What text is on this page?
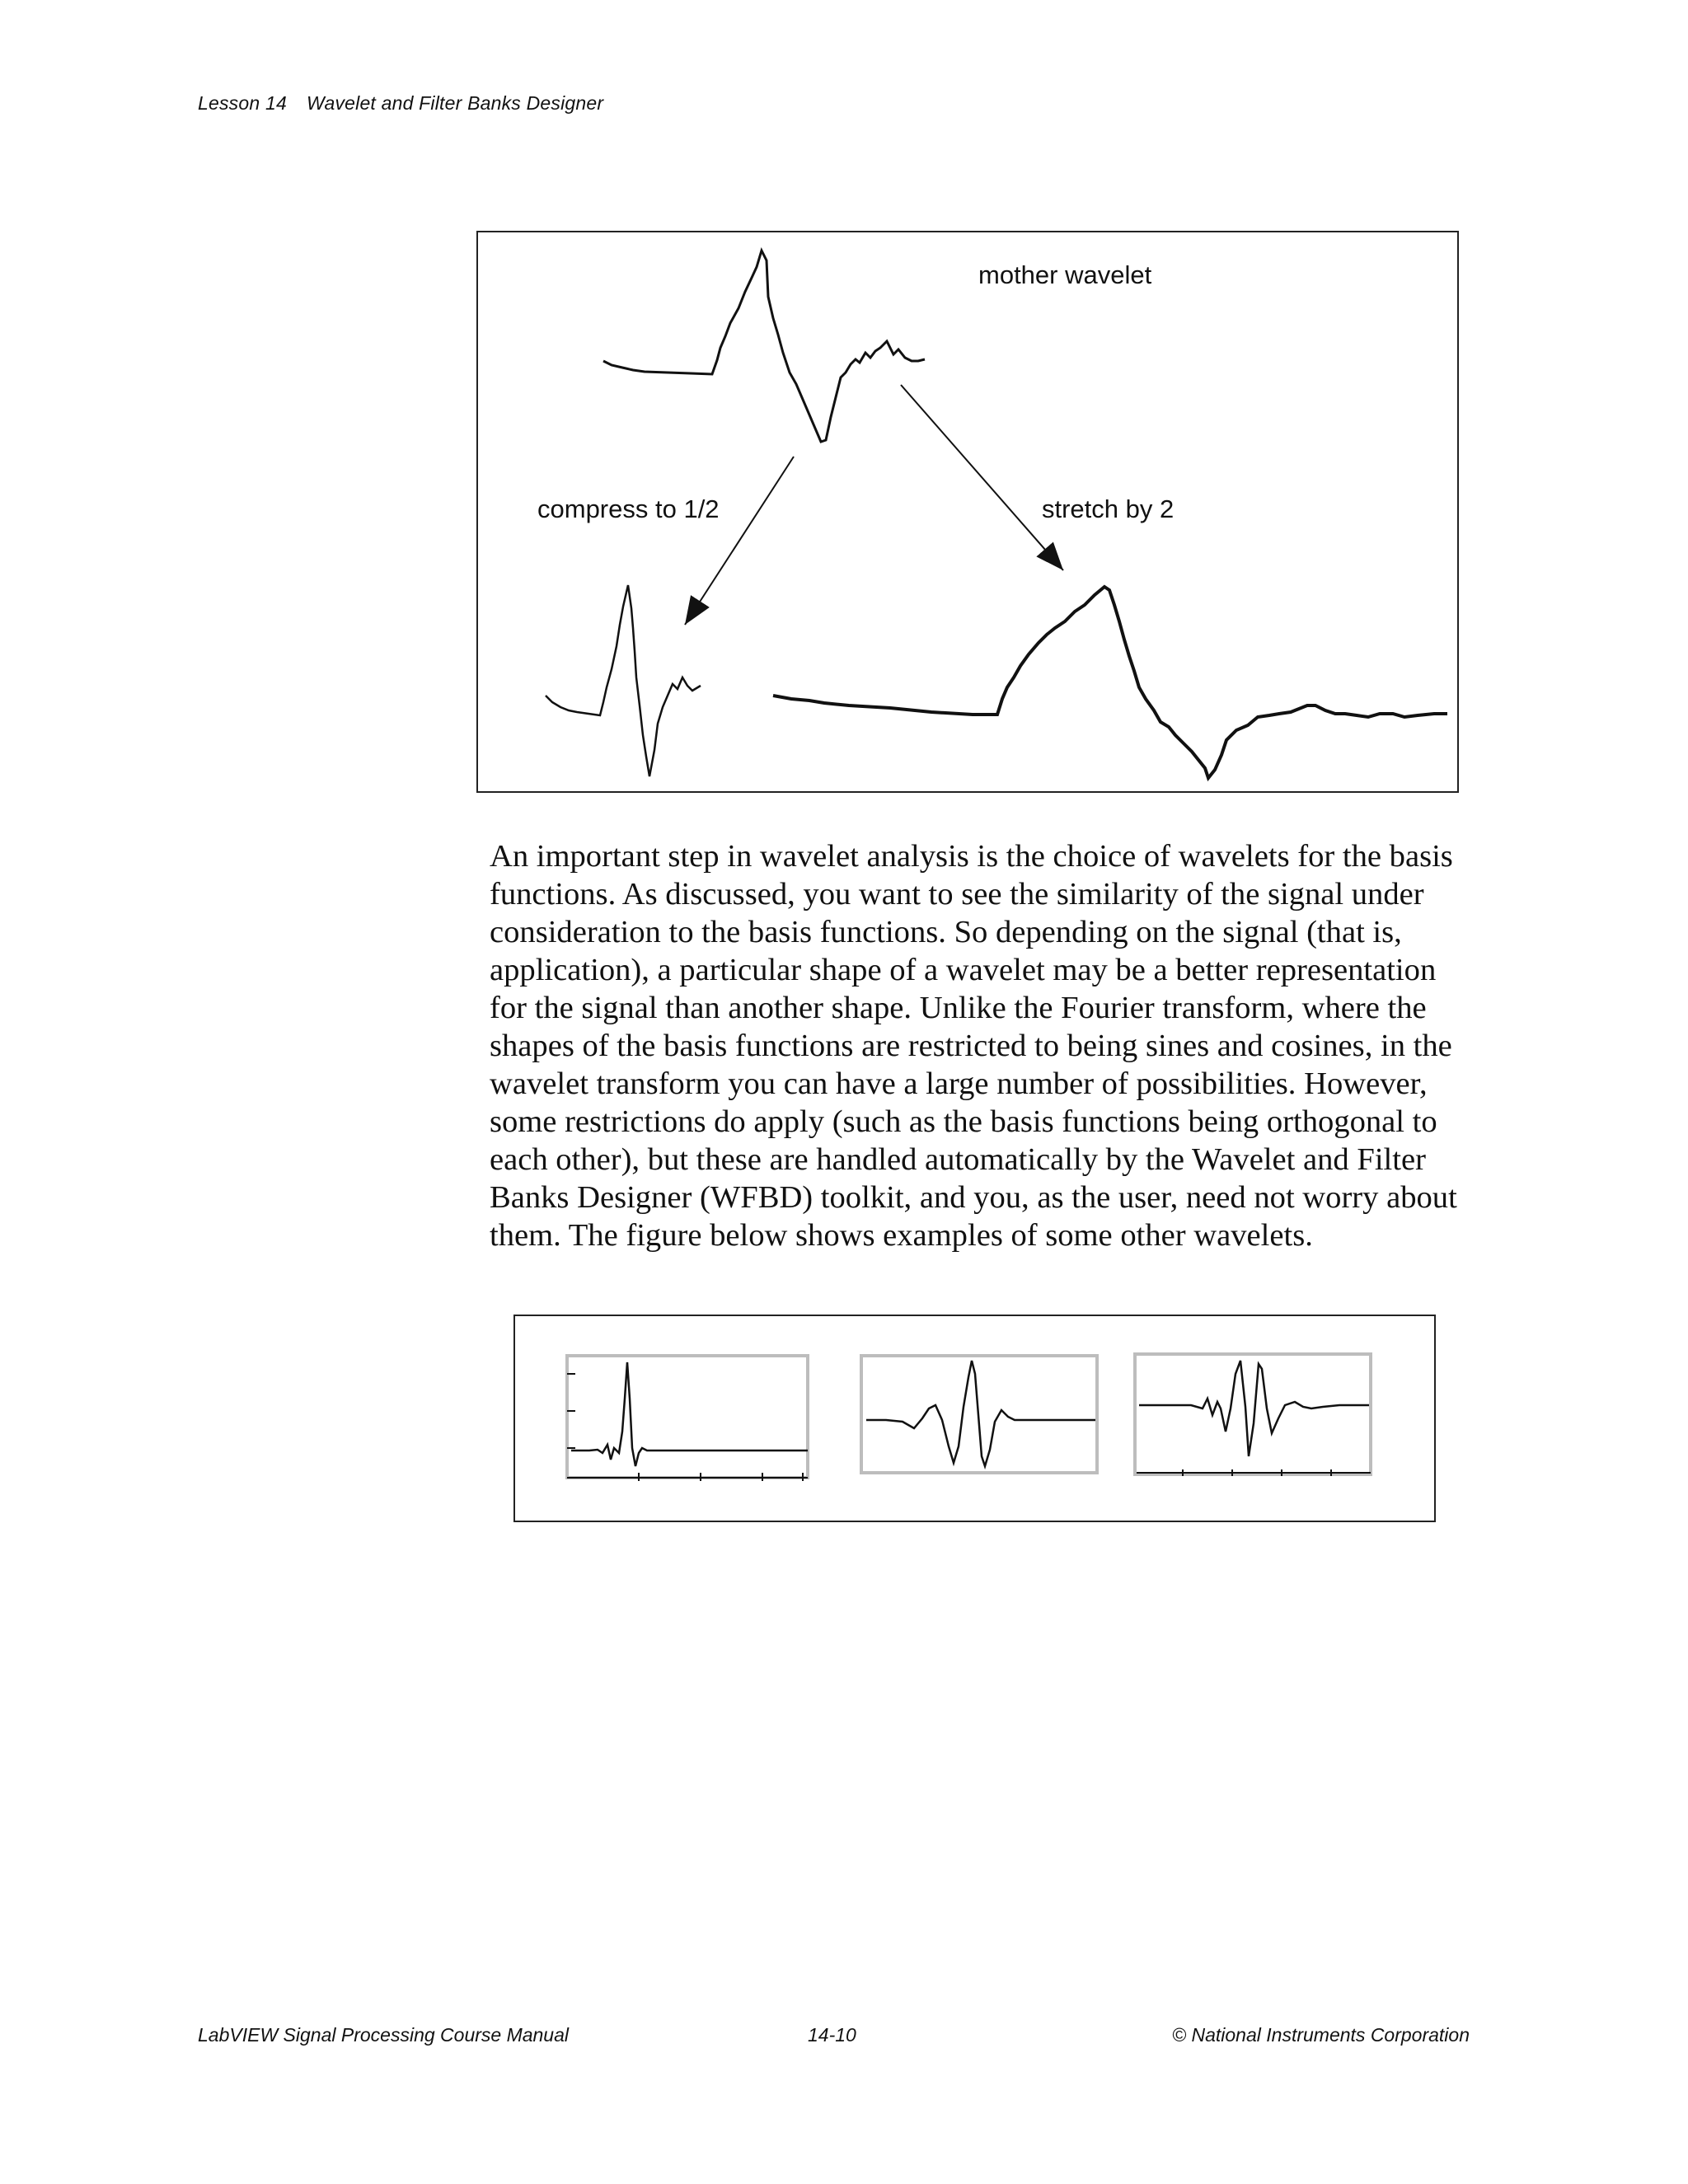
Lesson 14 Wavelet and Filter Banks Designer
mother wavelet
compress to 1/2	stretch by 2

An important step in wavelet analysis is the choice of wavelets for the basis functions. As discussed, you want to see the similarity of the signal under consideration to the basis functions. So depending on the signal (that is, application), a particular shape of a wavelet may be a better representation for the signal than another shape. Unlike the Fourier transform, where the shapes of the basis functions are restricted to being sines and cosines, in the wavelet transform you can have a large number of possibilities. However, some restrictions do apply (such as the basis functions being orthogonal to each other), but these are handled automatically by the Wavelet and Filter Banks Designer (WFBD) toolkit, and you, as the user, need not worry about them. The figure below shows examples of some other wavelets.

LabVIEW Signal Processing Course Manual	14-10	© National Instruments Corporation
